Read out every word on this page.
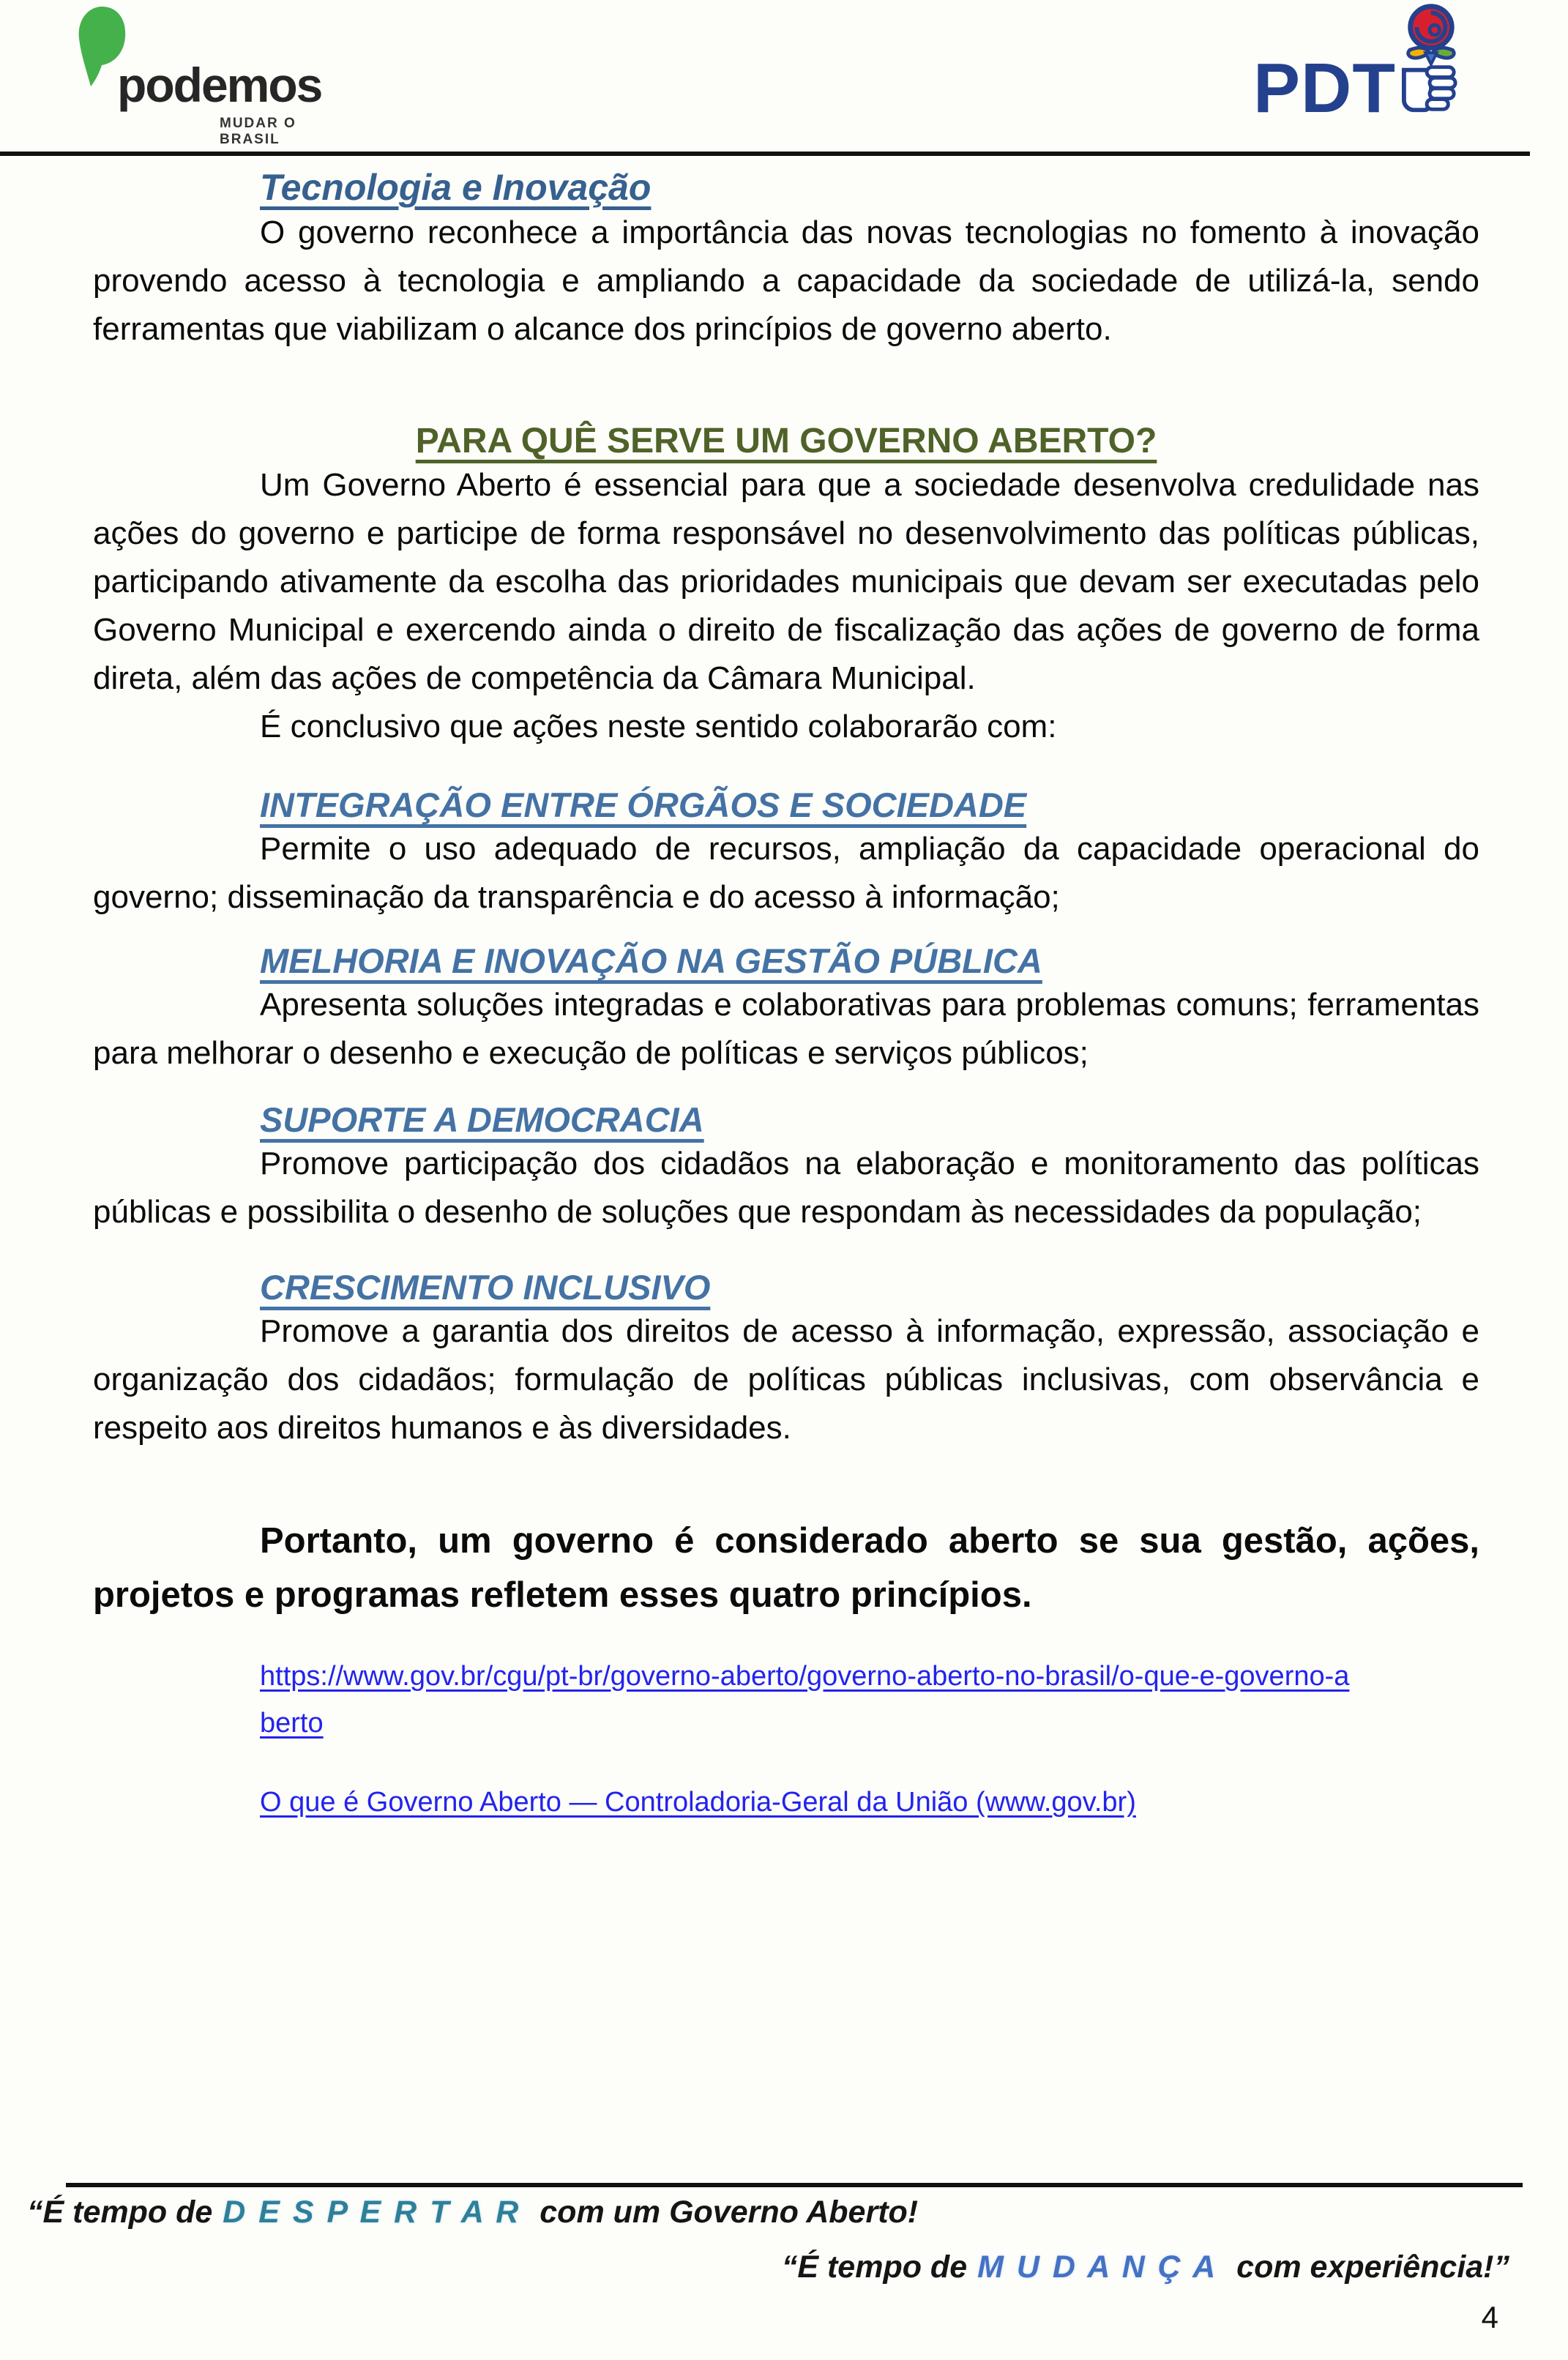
podemos
MUDAR O BRASIL
PDT
Tecnologia e Inovação

O governo reconhece a importância das novas tecnologias no fomento à inovação provendo acesso à tecnologia e ampliando a capacidade da sociedade de utilizá-la, sendo ferramentas que viabilizam o alcance dos princípios de governo aberto.

PARA QUÊ SERVE UM GOVERNO ABERTO?

Um Governo Aberto é essencial para que a sociedade desenvolva credulidade nas ações do governo e participe de forma responsável no desenvolvimento das políticas públicas, participando ativamente da escolha das prioridades municipais que devam ser executadas pelo Governo Municipal e exercendo ainda o direito de fiscalização das ações de governo de forma direta, além das ações de competência da Câmara Municipal.

É conclusivo que ações neste sentido colaborarão com:

INTEGRAÇÃO ENTRE ÓRGÃOS E SOCIEDADE

Permite o uso adequado de recursos, ampliação da capacidade operacional do governo; disseminação da transparência e do acesso à informação;

MELHORIA E INOVAÇÃO NA GESTÃO PÚBLICA

Apresenta soluções integradas e colaborativas para problemas comuns; ferramentas para melhorar o desenho e execução de políticas e serviços públicos;

SUPORTE A DEMOCRACIA

Promove participação dos cidadãos na elaboração e monitoramento das políticas públicas e possibilita o desenho de soluções que respondam às necessidades da população;

CRESCIMENTO INCLUSIVO

Promove a garantia dos direitos de acesso à informação, expressão, associação e organização dos cidadãos; formulação de políticas públicas inclusivas, com observância e respeito aos direitos humanos e às diversidades.

Portanto, um governo é considerado aberto se sua gestão, ações, projetos e programas refletem esses quatro princípios.

https://www.gov.br/cgu/pt-br/governo-aberto/governo-aberto-no-brasil/o-que-e-governo-aberto
O que é Governo Aberto — Controladoria-Geral da União (www.gov.br)
“É tempo de D E S P E R T A R com um Governo Aberto!
“É tempo de M U D A N Ç A com experiência!”
4
